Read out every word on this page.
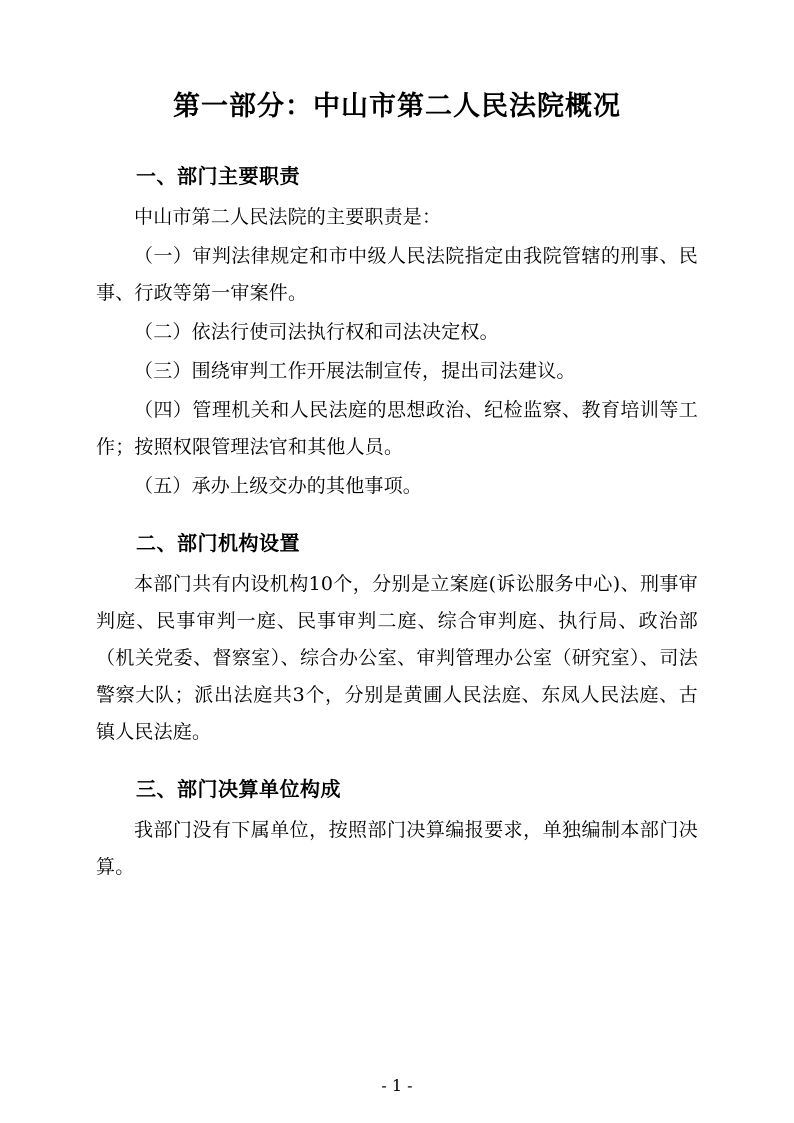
第一部分：中山市第二人民法院概况
一、部门主要职责

中山市第二人民法院的主要职责是：

（一）审判法律规定和市中级人民法院指定由我院管辖的刑事、民事、行政等第一审案件。

（二）依法行使司法执行权和司法决定权。

（三）围绕审判工作开展法制宣传，提出司法建议。

（四）管理机关和人民法庭的思想政治、纪检监察、教育培训等工作；按照权限管理法官和其他人员。

（五）承办上级交办的其他事项。

二、部门机构设置

本部门共有内设机构10个，分别是立案庭(诉讼服务中心)、刑事审判庭、民事审判一庭、民事审判二庭、综合审判庭、执行局、政治部（机关党委、督察室）、综合办公室、审判管理办公室（研究室）、司法警察大队；派出法庭共3个，分别是黄圃人民法庭、东凤人民法庭、古镇人民法庭。

三、部门决算单位构成

我部门没有下属单位，按照部门决算编报要求，单独编制本部门决算。

- 1 -
